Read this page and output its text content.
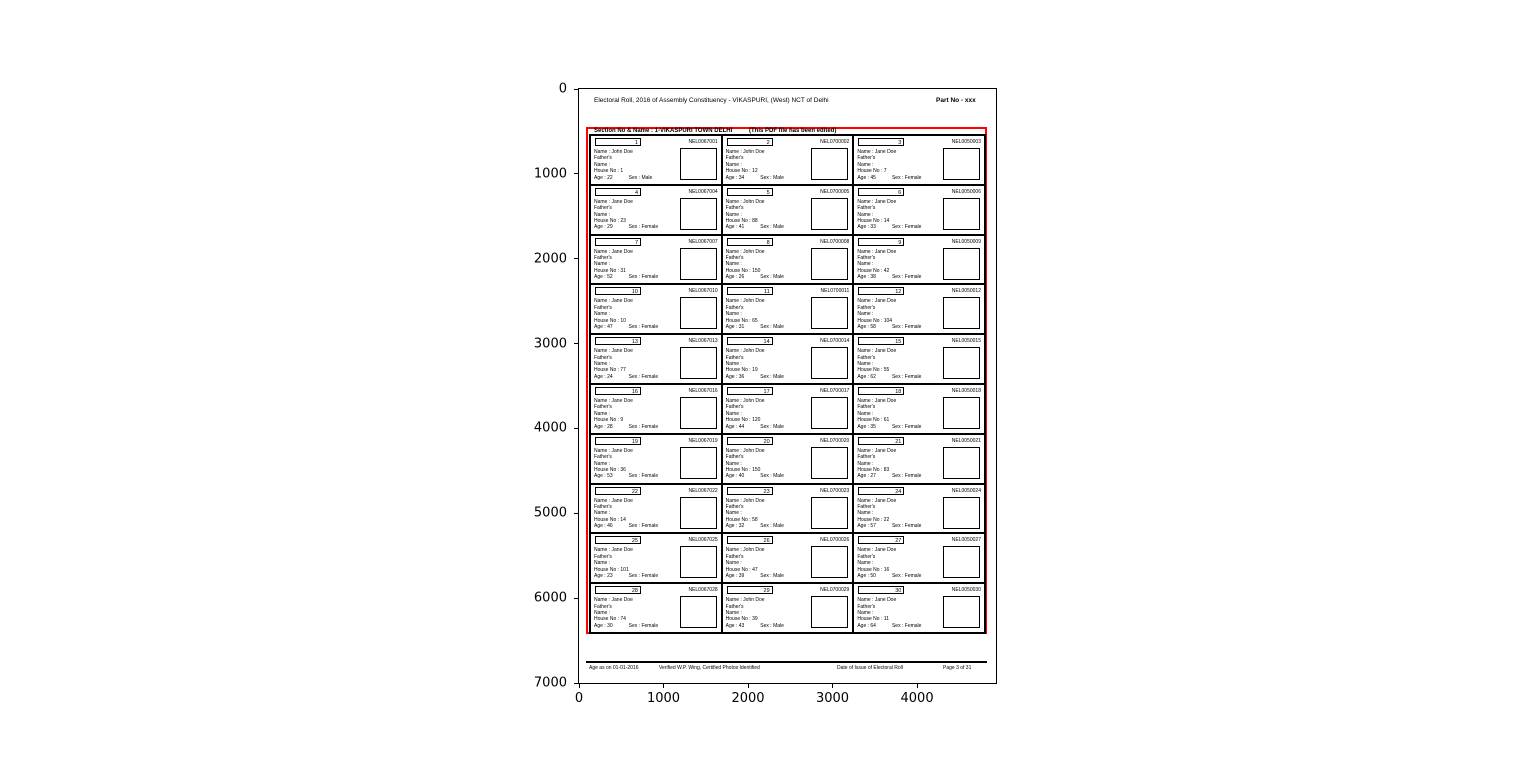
Electoral Roll, 2016 of Assembly Constituency - VIKASPURI, (West) NCT of Delhi	Part No - xxx
Section No & Name : 1-VIKASPURI TOWN DELHI	(This PDF file has been edited)
1	NEL0067001
Name : John Doe
Father's
Name :
House No : 1
Age : 22	Sex : Male
2	NEL0700002
Name : John Doe
Father's
Name :
House No : 12
Age : 34	Sex : Male
3	NEL0050003
Name : Jane Doe
Father's
Name :
House No : 7
Age : 45	Sex : Female
4	NEL0067004
Name : Jane Doe
Father's
Name :
House No : 23
Age : 29	Sex : Female
5	NEL0700005
Name : John Doe
Father's
Name :
House No : 88
Age : 41	Sex : Male
6	NEL0050006
Name : Jane Doe
Father's
Name :
House No : 14
Age : 33	Sex : Female
7	NEL0067007
Name : Jane Doe
Father's
Name :
House No : 31
Age : 52	Sex : Female
8	NEL0700008
Name : John Doe
Father's
Name :
House No : 150
Age : 26	Sex : Male
9	NEL0050009
Name : Jane Doe
Father's
Name :
House No : 42
Age : 38	Sex : Female
10	NEL0067010
Name : Jane Doe
Father's
Name :
House No : 10
Age : 47	Sex : Female
11	NEL0700011
Name : John Doe
Father's
Name :
House No : 65
Age : 31	Sex : Male
12	NEL0050012
Name : Jane Doe
Father's
Name :
House No : 104
Age : 58	Sex : Female
13	NEL0067013
Name : Jane Doe
Father's
Name :
House No : 77
Age : 24	Sex : Female
14	NEL0700014
Name : John Doe
Father's
Name :
House No : 19
Age : 36	Sex : Male
15	NEL0050015
Name : Jane Doe
Father's
Name :
House No : 55
Age : 62	Sex : Female
16	NEL0067016
Name : Jane Doe
Father's
Name :
House No : 9
Age : 28	Sex : Female
17	NEL0700017
Name : John Doe
Father's
Name :
House No : 120
Age : 44	Sex : Male
18	NEL0050018
Name : Jane Doe
Father's
Name :
House No : 61
Age : 35	Sex : Female
19	NEL0067019
Name : Jane Doe
Father's
Name :
House No : 36
Age : 53	Sex : Female
20	NEL0700020
Name : John Doe
Father's
Name :
House No : 150
Age : 40	Sex : Male
21	NEL0050021
Name : Jane Doe
Father's
Name :
House No : 83
Age : 27	Sex : Female
22	NEL0067022
Name : Jane Doe
Father's
Name :
House No : 14
Age : 46	Sex : Female
23	NEL0700023
Name : John Doe
Father's
Name :
House No : 58
Age : 32	Sex : Male
24	NEL0050024
Name : Jane Doe
Father's
Name :
House No : 22
Age : 57	Sex : Female
25	NEL0067025
Name : Jane Doe
Father's
Name :
House No : 101
Age : 23	Sex : Female
26	NEL0700026
Name : John Doe
Father's
Name :
House No : 47
Age : 39	Sex : Male
27	NEL0050027
Name : Jane Doe
Father's
Name :
House No : 16
Age : 50	Sex : Female
28	NEL0067028
Name : Jane Doe
Father's
Name :
House No : 74
Age : 30	Sex : Female
29	NEL0700029
Name : John Doe
Father's
Name :
House No : 39
Age : 43	Sex : Male
30	NEL0050030
Name : Jane Doe
Father's
Name :
House No : 11
Age : 64	Sex : Female
Age as on 01-01-2016	Verified W.P. Wing, Certified Photos Identified	Date of Issue of Electoral Roll	Page 3 of 31
0
1000
2000
3000
4000
5000
6000
7000
0	1000	2000	3000	4000
